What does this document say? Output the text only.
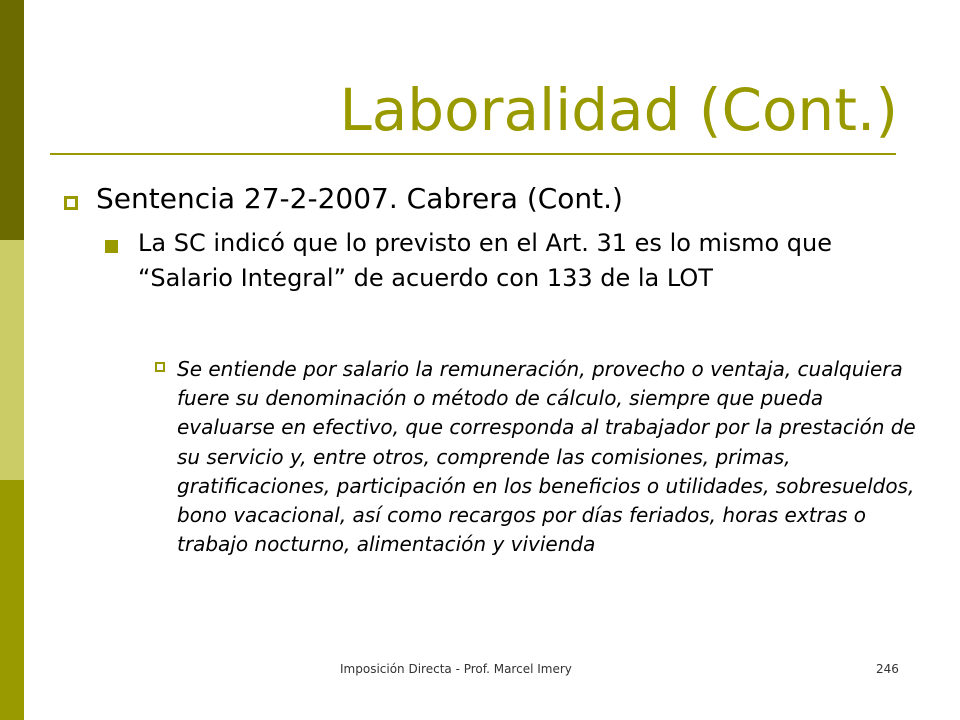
Laboralidad (Cont.)
Sentencia 27-2-2007. Cabrera (Cont.)
La SC indicó que lo previsto en el Art. 31 es lo mismo que “Salario Integral” de acuerdo con 133 de la LOT
Se entiende por salario la remuneración, provecho o ventaja, cualquiera fuere su denominación o método de cálculo, siempre que pueda evaluarse en efectivo, que corresponda al trabajador por la prestación de su servicio y, entre otros, comprende las comisiones, primas, gratificaciones, participación en los beneficios o utilidades, sobresueldos, bono vacacional, así como recargos por días feriados, horas extras o trabajo nocturno, alimentación y vivienda
Imposición Directa - Prof. Marcel Imery	246
